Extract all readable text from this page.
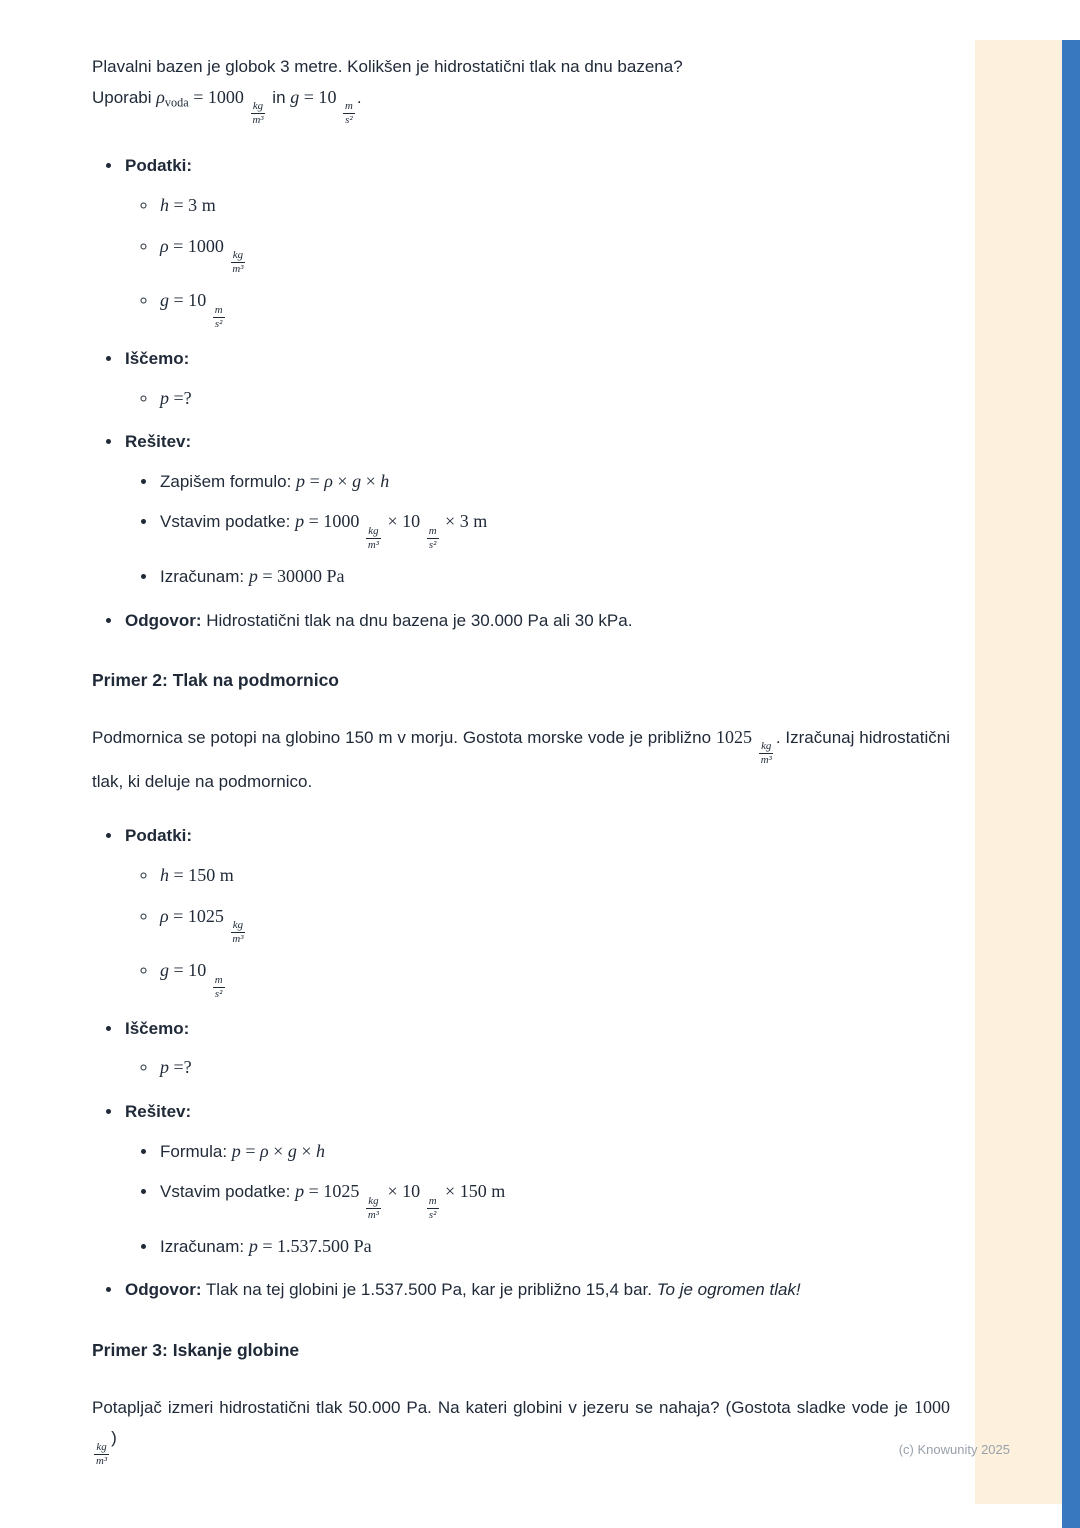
Plavalni bazen je globok 3 metre. Kolikšen je hidrostatični tlak na dnu bazena?
Uporabi $\rho_{voda} = 1000$
$\frac{kg}{\text{m³}}$
in g = 10
$\frac{m}{\text{s²}}$
.

• Podatki:
◦ h = 3 m
◦ ρ = 1000
$\frac{kg}{\text{m³}}$
◦ g = 10
$\frac{m}{\text{s²}}$
• Iščemo:
◦ p =?
• Rešitev:
• Zapišem formulo: p = ρ × g × h
• Vstavim podatke: p = 1000
$\frac{kg}{\text{m³}}$
× 10
$\frac{m}{\text{s²}}$
× 3 m
• Izračunam: p = 30000 Pa
• Odgovor: Hidrostatični tlak na dnu bazena je 30.000 Pa ali 30 kPa.
Primer 2: Tlak na podmornico

Podmornica se potopi na globino 150 m v morju. Gostota morske vode je približno 1025
$\frac{kg}{\text{m³}}$
. Izračunaj hidrostatični tlak, ki deluje na podmornico.

• Podatki:
◦ h = 150 m
◦ ρ = 1025
$\frac{kg}{\text{m³}}$
◦ g = 10
$\frac{m}{\text{s²}}$
• Iščemo:
◦ p =?
• Rešitev:
• Formula: p = ρ × g × h
• Vstavim podatke: p = 1025
$\frac{kg}{\text{m³}}$
× 10
$\frac{m}{\text{s²}}$
× 150 m
• Izračunam: p = 1.537.500 Pa
• Odgovor: Tlak na tej globini je 1.537.500 Pa, kar je približno 15,4 bar. To je ogromen tlak!
Primer 3: Iskanje globine

Potapljač izmeri hidrostatični tlak 50.000 Pa. Na kateri globini v jezeru se nahaja? (Gostota sladke vode je 1000
$\frac{kg}{\text{m³}}$
)

(c) Knowunity 2025
